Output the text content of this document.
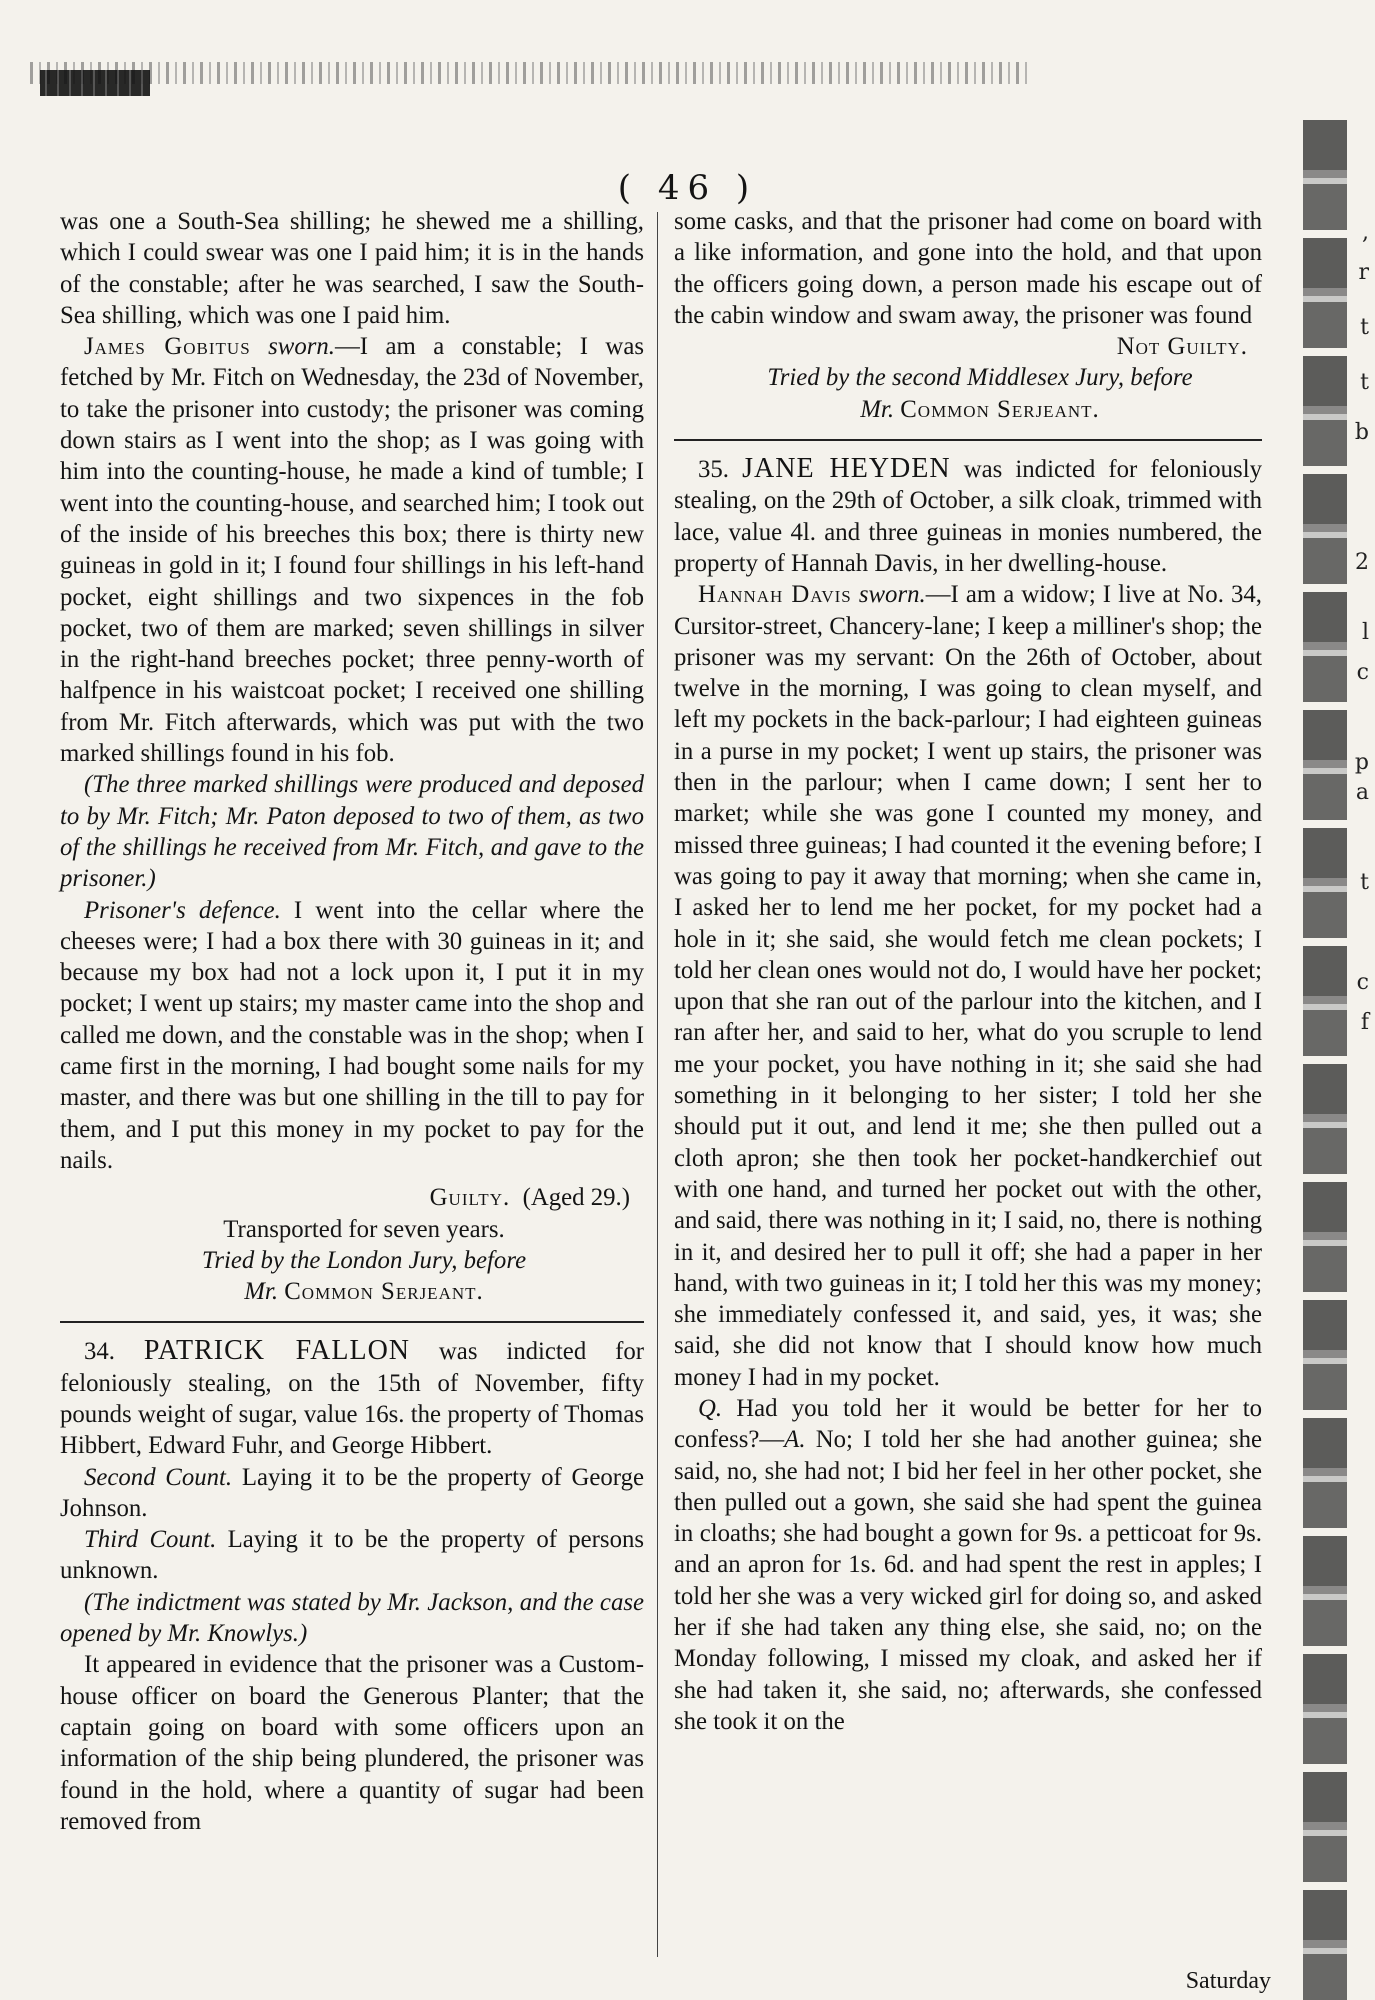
,
r
t
t
b
2
l
c
p
a
t
c
f
( 46 )

was one a South-Sea shilling; he shewed me a shilling, which I could swear was one I paid him; it is in the hands of the constable; after he was searched, I saw the South-Sea shilling, which was one I paid him.

James Gobitus sworn.—I am a constable; I was fetched by Mr. Fitch on Wednesday, the 23d of November, to take the prisoner into custody; the prisoner was coming down stairs as I went into the shop; as I was going with him into the counting-house, he made a kind of tumble; I went into the counting-house, and searched him; I took out of the inside of his breeches this box; there is thirty new guineas in gold in it; I found four shillings in his left-hand pocket, eight shillings and two sixpences in the fob pocket, two of them are marked; seven shillings in silver in the right-hand breeches pocket; three penny-worth of halfpence in his waistcoat pocket; I received one shilling from Mr. Fitch afterwards, which was put with the two marked shillings found in his fob.

(The three marked shillings were produced and deposed to by Mr. Fitch; Mr. Paton deposed to two of them, as two of the shillings he received from Mr. Fitch, and gave to the prisoner.)

Prisoner's defence. I went into the cellar where the cheeses were; I had a box there with 30 guineas in it; and because my box had not a lock upon it, I put it in my pocket; I went up stairs; my master came into the shop and called me down, and the constable was in the shop; when I came first in the morning, I had bought some nails for my master, and there was but one shilling in the till to pay for them, and I put this money in my pocket to pay for the nails.

Guilty. (Aged 29.)

Transported for seven years.

Tried by the London Jury, before

Mr. Common Serjeant.

34. PATRICK FALLON was indicted for feloniously stealing, on the 15th of November, fifty pounds weight of sugar, value 16s. the property of Thomas Hibbert, Edward Fuhr, and George Hibbert.

Second Count. Laying it to be the property of George Johnson.

Third Count. Laying it to be the property of persons unknown.

(The indictment was stated by Mr. Jackson, and the case opened by Mr. Knowlys.)

It appeared in evidence that the prisoner was a Custom-house officer on board the Generous Planter; that the captain going on board with some officers upon an information of the ship being plundered, the prisoner was found in the hold, where a quantity of sugar had been removed from

some casks, and that the prisoner had come on board with a like information, and gone into the hold, and that upon the officers going down, a person made his escape out of the cabin window and swam away, the prisoner was found

Not Guilty.

Tried by the second Middlesex Jury, before

Mr. Common Serjeant.

35. JANE HEYDEN was indicted for feloniously stealing, on the 29th of October, a silk cloak, trimmed with lace, value 4l. and three guineas in monies numbered, the property of Hannah Davis, in her dwelling-house.

Hannah Davis sworn.—I am a widow; I live at No. 34, Cursitor-street, Chancery-lane; I keep a milliner's shop; the prisoner was my servant: On the 26th of October, about twelve in the morning, I was going to clean myself, and left my pockets in the back-parlour; I had eighteen guineas in a purse in my pocket; I went up stairs, the prisoner was then in the parlour; when I came down; I sent her to market; while she was gone I counted my money, and missed three guineas; I had counted it the evening before; I was going to pay it away that morning; when she came in, I asked her to lend me her pocket, for my pocket had a hole in it; she said, she would fetch me clean pockets; I told her clean ones would not do, I would have her pocket; upon that she ran out of the parlour into the kitchen, and I ran after her, and said to her, what do you scruple to lend me your pocket, you have nothing in it; she said she had something in it belonging to her sister; I told her she should put it out, and lend it me; she then pulled out a cloth apron; she then took her pocket-handkerchief out with one hand, and turned her pocket out with the other, and said, there was nothing in it; I said, no, there is nothing in it, and desired her to pull it off; she had a paper in her hand, with two guineas in it; I told her this was my money; she immediately confessed it, and said, yes, it was; she said, she did not know that I should know how much money I had in my pocket.

Q. Had you told her it would be better for her to confess?—A. No; I told her she had another guinea; she said, no, she had not; I bid her feel in her other pocket, she then pulled out a gown, she said she had spent the guinea in cloaths; she had bought a gown for 9s. a petticoat for 9s. and an apron for 1s. 6d. and had spent the rest in apples; I told her she was a very wicked girl for doing so, and asked her if she had taken any thing else, she said, no; on the Monday following, I missed my cloak, and asked her if she had taken it, she said, no; afterwards, she confessed she took it on the

Saturday
